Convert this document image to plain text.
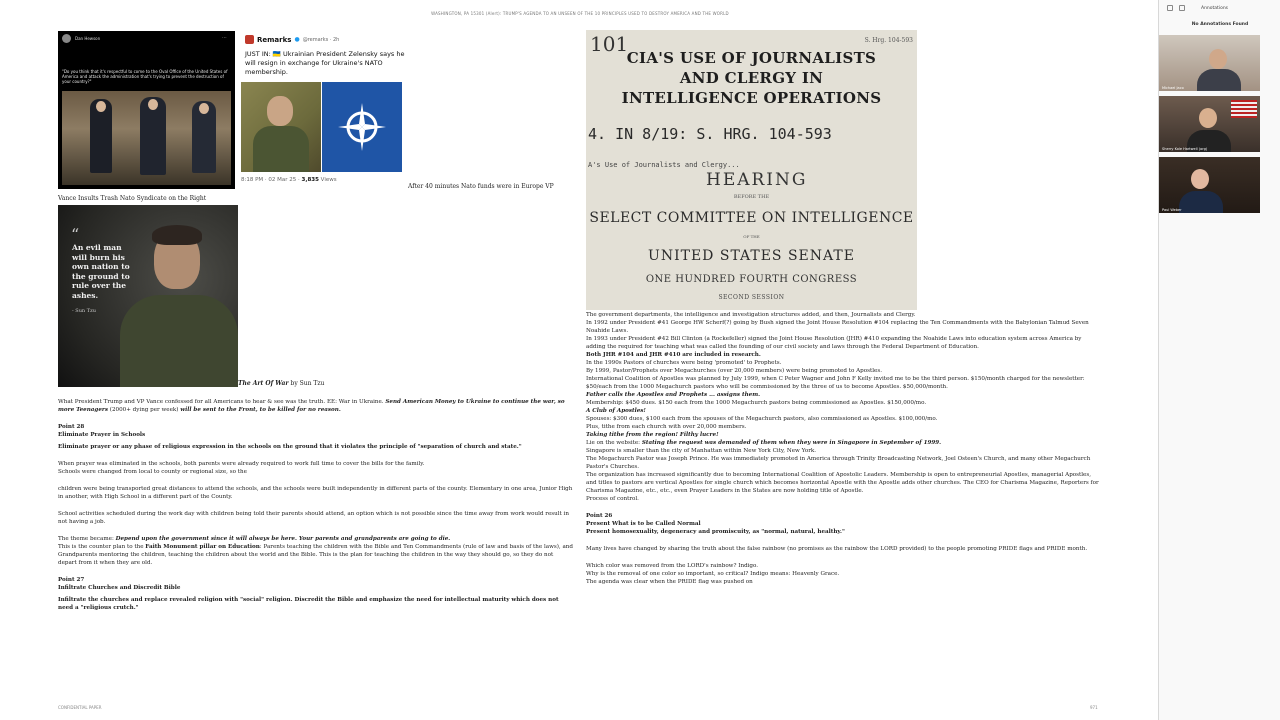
WASHINGTON, PA 15301 (Alert): TRUMP'S AGENDA TO AN UNSEEN OF THE 10 PRINCIPLES USED TO DESTROY AMERICA AND THE WORLD
Dan Hewson	⋯
"Do you think that it's respectful to come to the Oval Office of the United States of America and attack the administration that's trying to prevent the destruction of your country?"
Remarks ● @remarks · 2h
JUST IN: 🇺🇦 Ukrainian President Zelensky says he will resign in exchange for Ukraine's NATO membership.
8:18 PM · 02 Mar 25 · 3,835 Views
After 40 minutes Nato funds were in Europe VP
Vance Insults Trash Nato Syndicate on the Right
“
An evil man will burn his own nation to the ground to rule over the ashes.
- Sun Tzu
The Art Of War by Sun Tzu

What President Trump and VP Vance confessed for all Americans to hear & see was the truth. EE: War in Ukraine. Send American Money to Ukraine to continue the war, so more Teenagers (2000+ dying per week) will be sent to the Front, to be killed for no reason.

Point 28
Eliminate Prayer in Schools

Eliminate prayer or any phase of religious expression in the schools on the ground that it violates the principle of "separation of church and state."

When prayer was eliminated in the schools, both parents were already required to work full time to cover the bills for the family.

Schools were changed from local to county or regional size, so the

children were being transported great distances to attend the schools, and the schools were built independently in different parts of the county. Elementary in one area, Junior High in another, with High School in a different part of the County.

School activities scheduled during the work day with children being told their parents should attend, an option which is not possible since the time away from work would result in not having a job.

The theme became: Depend upon the government since it will always be here. Your parents and grandparents are going to die.

This is the counter plan to the Faith Monument pillar on Education: Parents teaching the children with the Bible and Ten Commandments (rule of law and basis of the laws), and Grandparents mentoring the children, teaching the children about the world and the Bible. This is the plan for teaching the children in the way they should go, so they do not depart from it when they are old.

Point 27
Infiltrate Churches and Discredit Bible

Infiltrate the churches and replace revealed religion with "social" religion. Discredit the Bible and emphasize the need for intellectual maturity which does not need a "religious crutch."

101	S. Hrg. 104-593
CIA'S USE OF JOURNALISTS
AND CLERGY IN
INTELLIGENCE OPERATIONS
4. IN 8/19: S. HRG. 104-593
A's Use of Journalists and Clergy...
HEARING
BEFORE THE
SELECT COMMITTEE ON INTELLIGENCE
OF THE
UNITED STATES SENATE
ONE HUNDRED FOURTH CONGRESS
SECOND SESSION

The government departments, the intelligence and investigation structures added, and then, Journalists and Clergy.

In 1992 under President #41 George HW Scherf(?) going by Bush signed the Joint House Resolution #104 replacing the Ten Commandments with the Babylonian Talmud Seven Noahide Laws.

In 1993 under President #42 Bill Clinton (a Rockefeller) signed the Joint House Resolution (JHR) #410 expanding the Noahide Laws into education system across America by adding the required for teaching what was called the founding of our civil society and laws through the Federal Department of Education.

Both JHR #104 and JHR #410 are included in research.

In the 1990s Pastors of churches were being 'promoted' to Prophets.

By 1999, Pastor/Prophets over Megachurches (over 20,000 members) were being promoted to Apostles.

International Coalition of Apostles was planned by July 1999, when C Peter Wagner and John F Kelly invited me to be the third person. $150/month charged for the newsletter: $50/each from the 1000 Megachurch pastors who will be commissioned by the three of us to become Apostles. $50,000/month.

Father calls the Apostles and Prophets ... assigns them.

Membership: $450 dues. $150 each from the 1000 Megachurch pastors being commissioned as Apostles. $150,000/mo.

A Club of Apostles!

Spouses: $300 dues, $100 each from the spouses of the Megachurch pastors, also commissioned as Apostles. $100,000/mo.

Plus, tithe from each church with over 20,000 members.

Taking tithe from the region! Filthy lucre!

Lie on the website: Stating the request was demanded of them when they were in Singapore in September of 1999.

Singapore is smaller than the city of Manhattan within New York City, New York.

The Megachurch Pastor was Joseph Prince. He was immediately promoted in America through Trinity Broadcasting Network, Joel Osteen's Church, and many other Megachurch Pastor's Churches.

The organization has increased significantly due to becoming International Coalition of Apostolic Leaders. Membership is open to entrepreneurial Apostles, managerial Apostles, and titles to pastors are vertical Apostles for single church which becomes horizontal Apostle with the Apostle adds other churches. The CEO for Charisma Magazine, Reporters for Charisma Magazine, etc., etc., even Prayer Leaders in the States are now holding title of Apostle.

Process of control.

Point 26

Present What is to be Called Normal

Present homosexuality, degeneracy and promiscuity, as "normal, natural, healthy."

Many lives have changed by sharing the truth about the false rainbow (no promises as the rainbow the LORD provided) to the people promoting PRIDE flags and PRIDE month.

Which color was removed from the LORD's rainbow? Indigo.

Why is the removal of one color so important, so critical? Indigo means: Heavenly Grace.

The agenda was clear when the PRIDE flag was pushed on

CONFIDENTIAL PAPER	971
Annotations
No Annotations Found
Michael Jaco
Sherry Kole Hartwell (org)
Paul Weber
